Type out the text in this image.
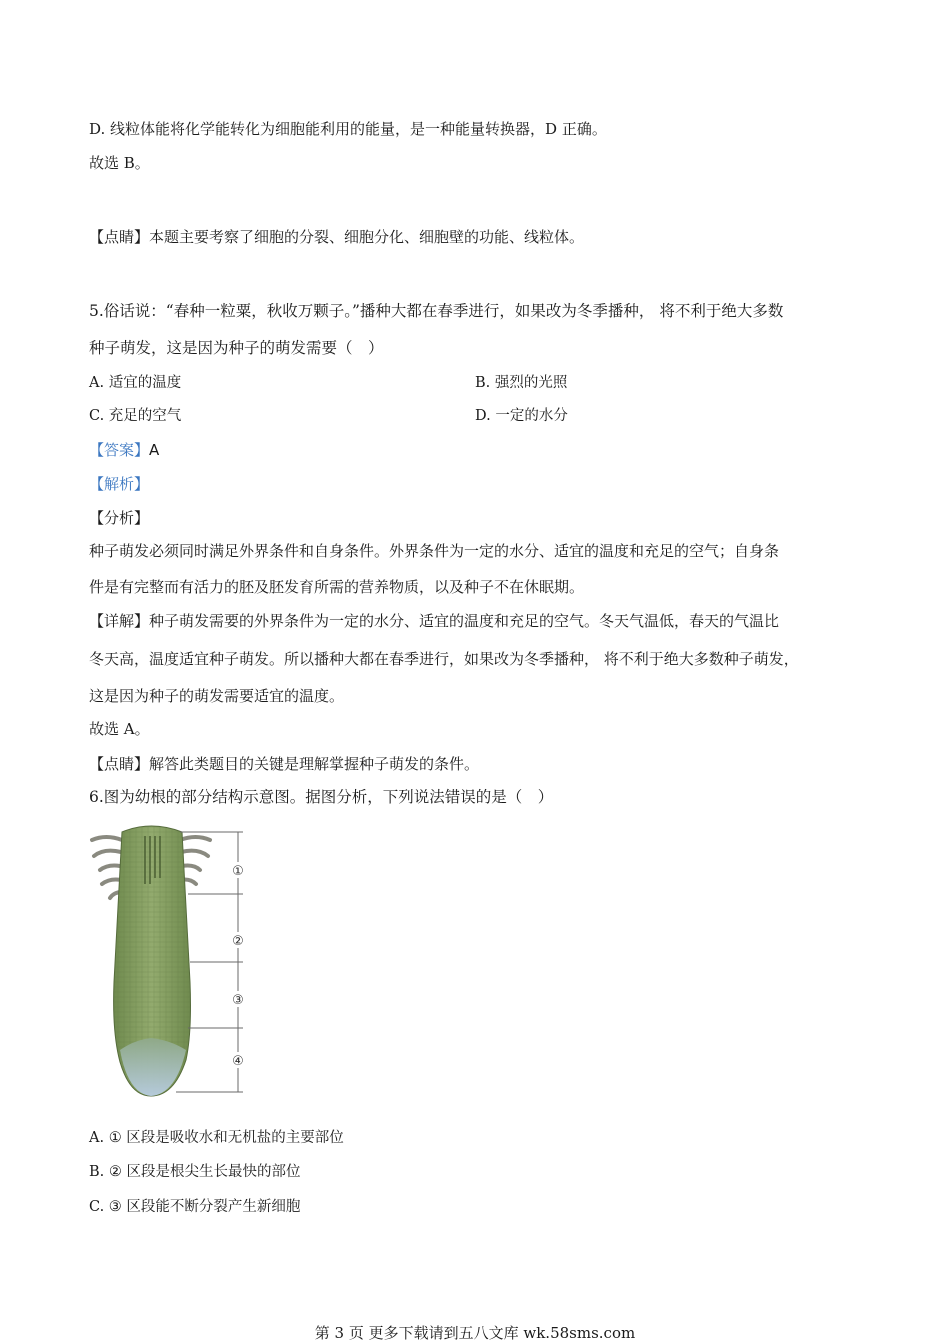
D. 线粒体能将化学能转化为细胞能利用的能量，是一种能量转换器，D 正确。
故选 B。
【点睛】本题主要考察了细胞的分裂、细胞分化、细胞壁的功能、线粒体。
5.俗话说：“春种一粒粟，秋收万颗子。”播种大都在春季进行，如果改为冬季播种， 将不利于绝大多数
种子萌发，这是因为种子的萌发需要（　）
A. 适宜的温度	B. 强烈的光照
C. 充足的空气	D. 一定的水分
【答案】A
【解析】
【分析】
种子萌发必须同时满足外界条件和自身条件。外界条件为一定的水分、适宜的温度和充足的空气；自身条
件是有完整而有活力的胚及胚发育所需的营养物质，以及种子不在休眠期。
【详解】种子萌发需要的外界条件为一定的水分、适宜的温度和充足的空气。冬天气温低，春天的气温比
冬天高，温度适宜种子萌发。所以播种大都在春季进行，如果改为冬季播种， 将不利于绝大多数种子萌发，
这是因为种子的萌发需要适宜的温度。
故选 A。
【点睛】解答此类题目的关键是理解掌握种子萌发的条件。
6.图为幼根的部分结构示意图。据图分析，下列说法错误的是（　）
①
②
③
④
A. ① 区段是吸收水和无机盐的主要部位
B. ② 区段是根尖生长最快的部位
C. ③ 区段能不断分裂产生新细胞
第 3 页 更多下载请到五八文库 wk.58sms.com
